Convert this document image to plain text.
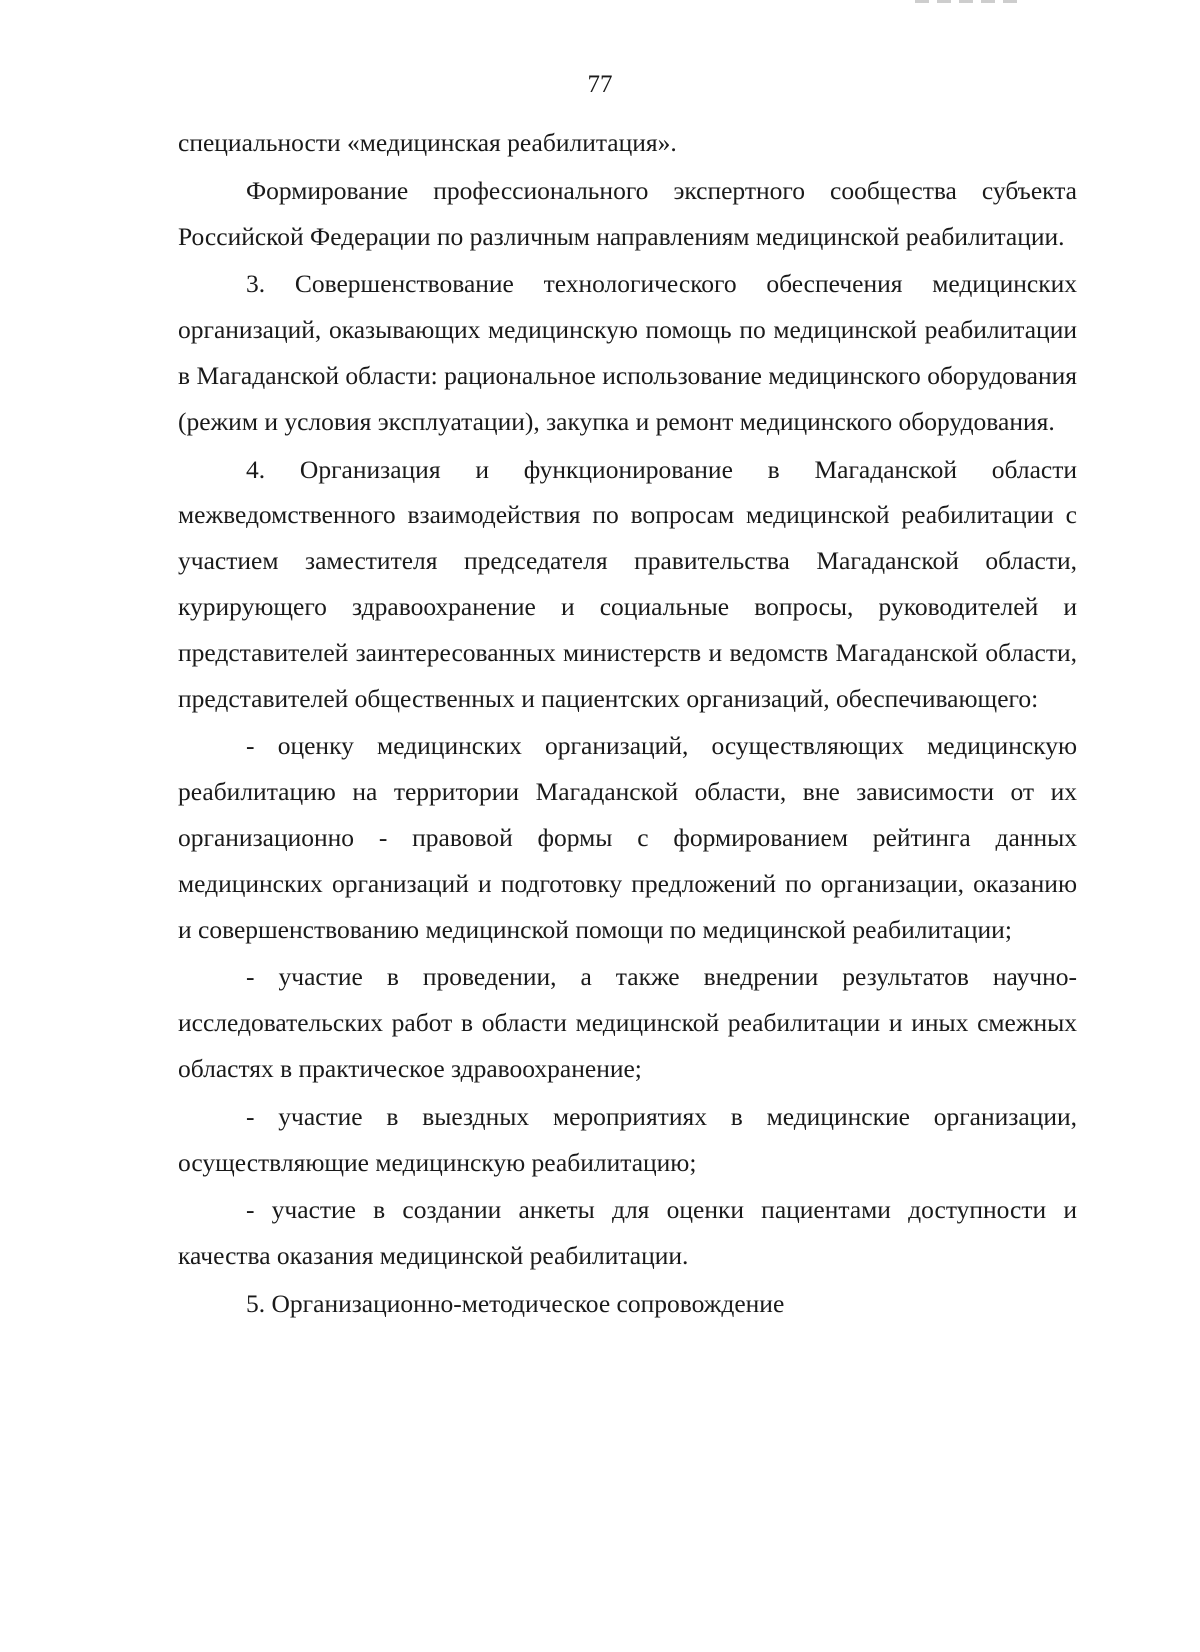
77

специальности «медицинская реабилитация».

Формирование профессионального экспертного сообщества субъекта Российской Федерации по различным направлениям медицинской реабилитации.

3. Совершенствование технологического обеспечения медицинских организаций, оказывающих медицинскую помощь по медицинской реабилитации в Магаданской области: рациональное использование медицинского оборудования (режим и условия эксплуатации), закупка и ремонт медицинского оборудования.

4. Организация и функционирование в Магаданской области межведомственного взаимодействия по вопросам медицинской реабилитации с участием заместителя председателя правительства Магаданской области, курирующего здравоохранение и социальные вопросы, руководителей и представителей заинтересованных министерств и ведомств Магаданской области, представителей общественных и пациентских организаций, обеспечивающего:

- оценку медицинских организаций, осуществляющих медицинскую реабилитацию на территории Магаданской области, вне зависимости от их организационно - правовой формы с формированием рейтинга данных медицинских организаций и подготовку предложений по организации, оказанию и совершенствованию медицинской помощи по медицинской реабилитации;

- участие в проведении, а также внедрении результатов научно-исследовательских работ в области медицинской реабилитации и иных смежных областях в практическое здравоохранение;

- участие в выездных мероприятиях в медицинские организации, осуществляющие медицинскую реабилитацию;

- участие в создании анкеты для оценки пациентами доступности и качества оказания медицинской реабилитации.

5. Организационно-методическое сопровождение
